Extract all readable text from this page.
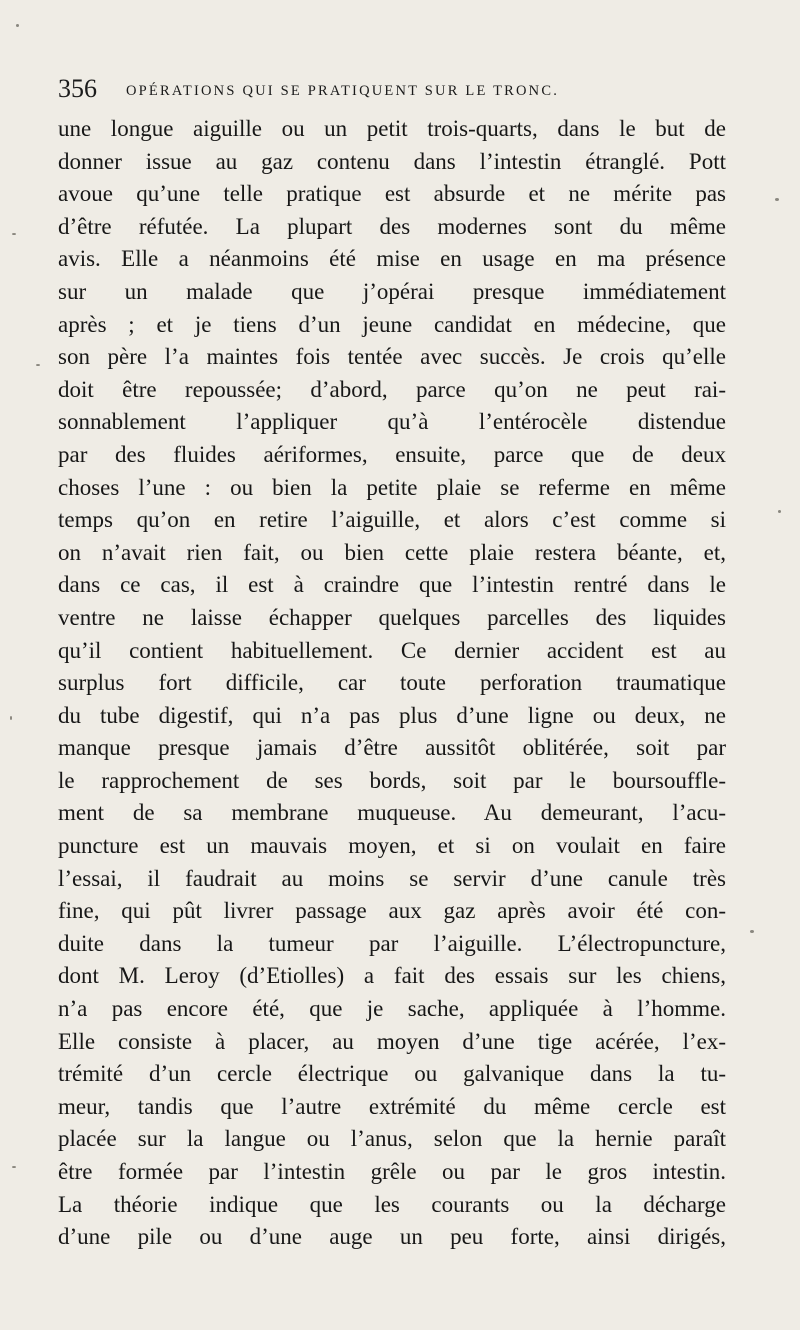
356 OPÉRATIONS QUI SE PRATIQUENT SUR LE TRONC.
une longue aiguille ou un petit trois-quarts, dans le but de
donner issue au gaz contenu dans l’intestin étranglé. Pott
avoue qu’une telle pratique est absurde et ne mérite pas
d’être réfutée. La plupart des modernes sont du même
avis. Elle a néanmoins été mise en usage en ma présence
sur un malade que j’opérai presque immédiatement
après ; et je tiens d’un jeune candidat en médecine, que
son père l’a maintes fois tentée avec succès. Je crois qu’elle
doit être repoussée; d’abord, parce qu’on ne peut rai-
sonnablement l’appliquer qu’à l’entérocèle distendue
par des fluides aériformes, ensuite, parce que de deux
choses l’une : ou bien la petite plaie se referme en même
temps qu’on en retire l’aiguille, et alors c’est comme si
on n’avait rien fait, ou bien cette plaie restera béante, et,
dans ce cas, il est à craindre que l’intestin rentré dans le
ventre ne laisse échapper quelques parcelles des liquides
qu’il contient habituellement. Ce dernier accident est au
surplus fort difficile, car toute perforation traumatique
du tube digestif, qui n’a pas plus d’une ligne ou deux, ne
manque presque jamais d’être aussitôt oblitérée, soit par
le rapprochement de ses bords, soit par le boursouffle-
ment de sa membrane muqueuse. Au demeurant, l’acu-
puncture est un mauvais moyen, et si on voulait en faire
l’essai, il faudrait au moins se servir d’une canule très
fine, qui pût livrer passage aux gaz après avoir été con-
duite dans la tumeur par l’aiguille. L’électropuncture,
dont M. Leroy (d’Etiolles) a fait des essais sur les chiens,
n’a pas encore été, que je sache, appliquée à l’homme.
Elle consiste à placer, au moyen d’une tige acérée, l’ex-
trémité d’un cercle électrique ou galvanique dans la tu-
meur, tandis que l’autre extrémité du même cercle est
placée sur la langue ou l’anus, selon que la hernie paraît
être formée par l’intestin grêle ou par le gros intestin.
La théorie indique que les courants ou la décharge
d’une pile ou d’une auge un peu forte, ainsi dirigés,
